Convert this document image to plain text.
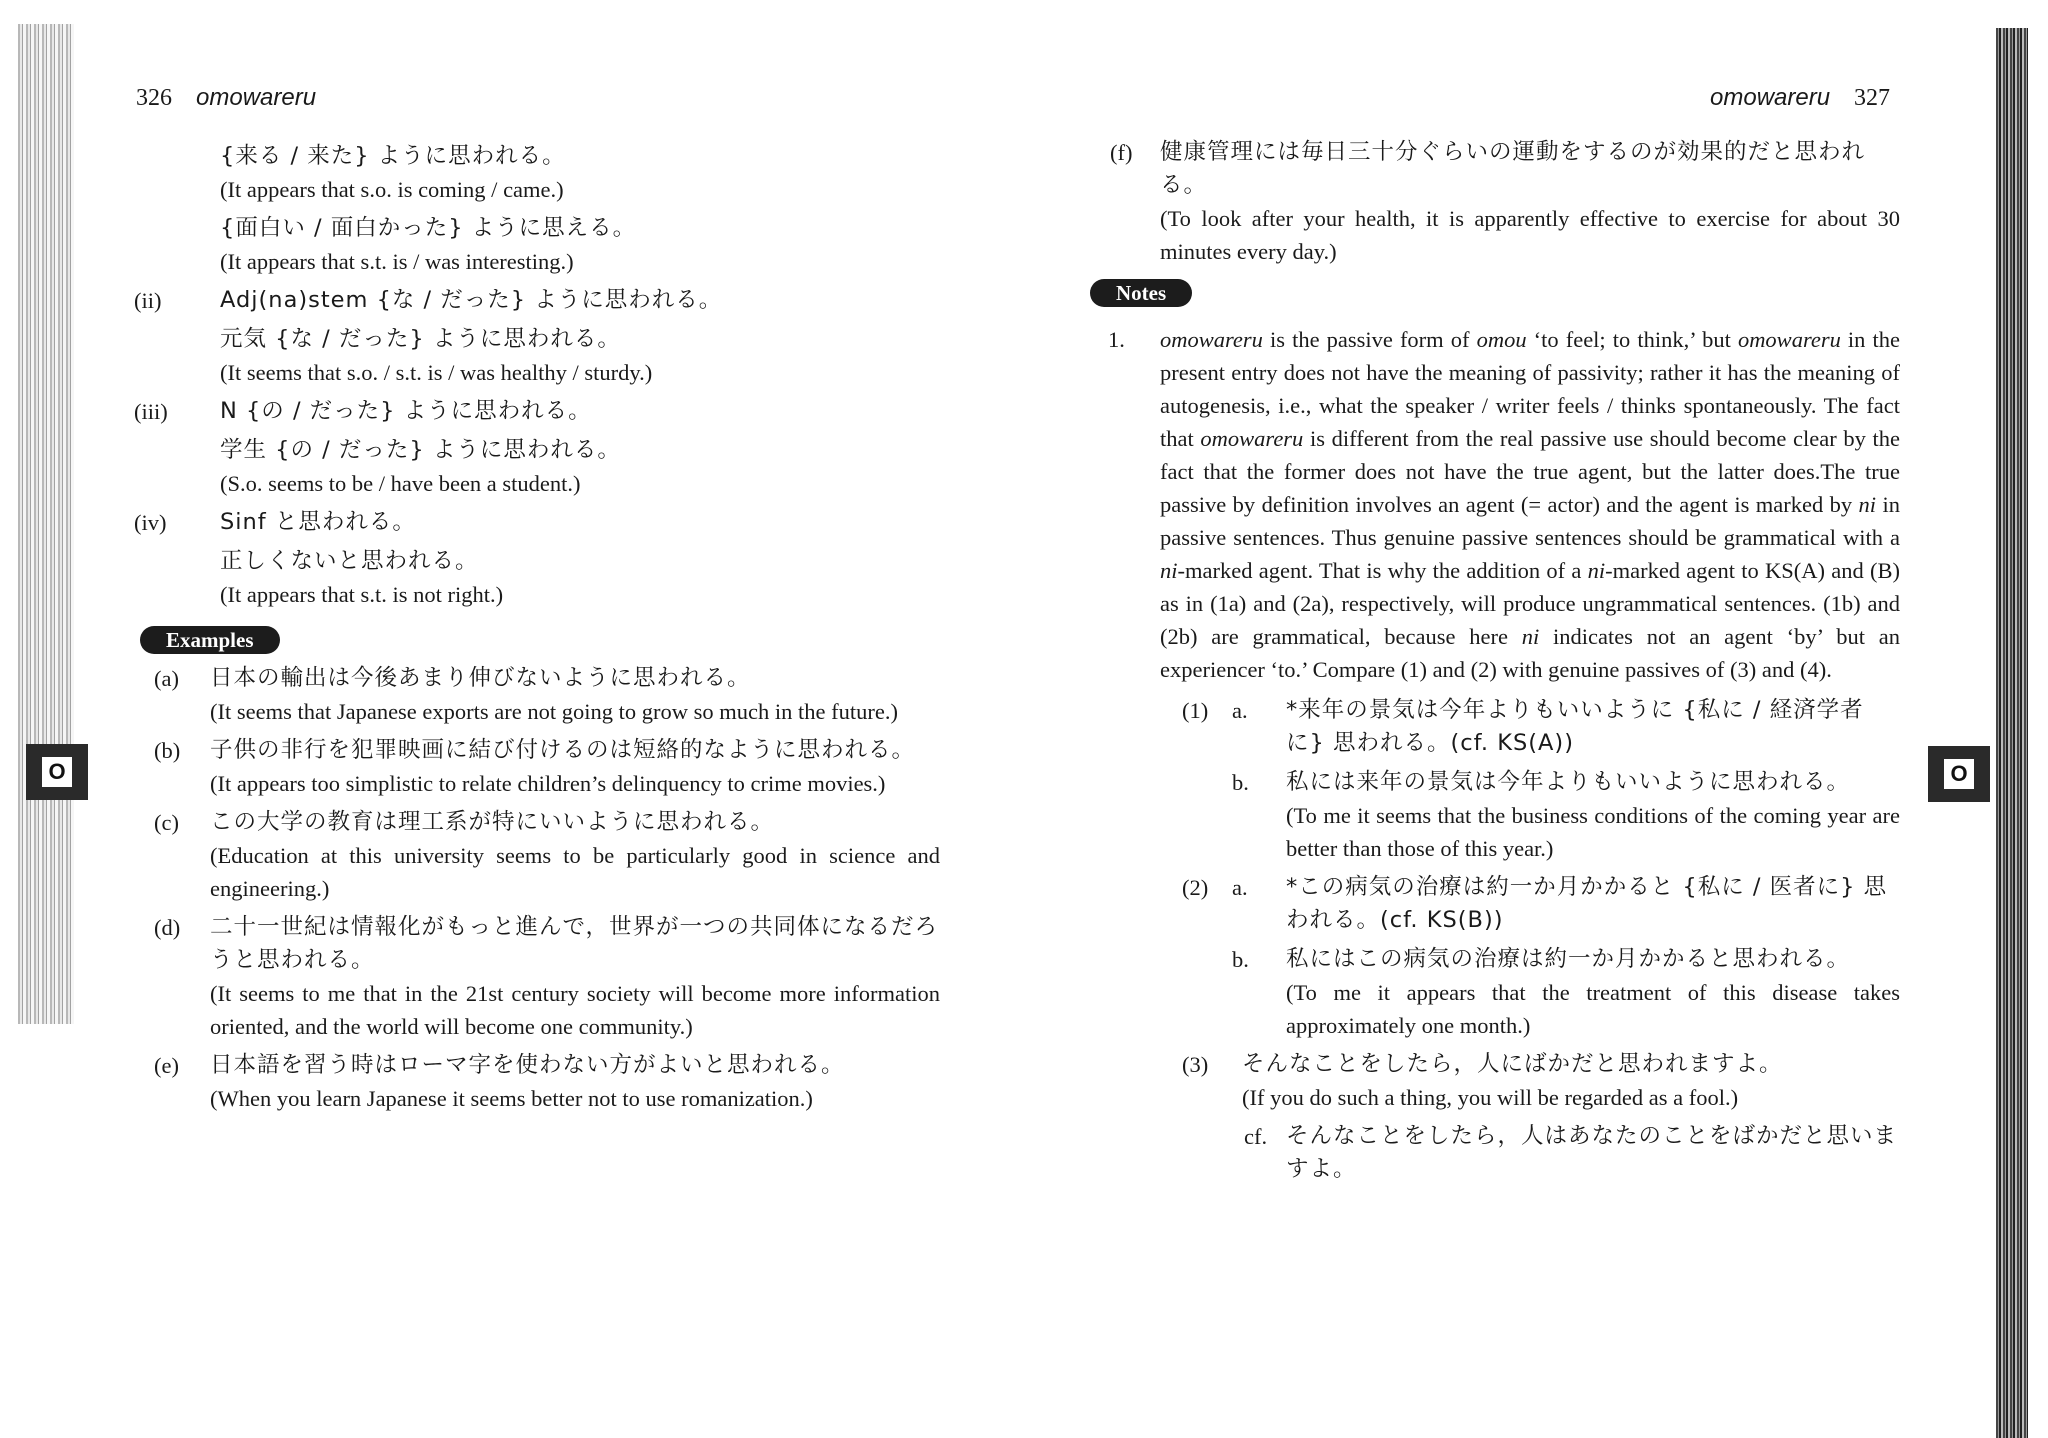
O	O
326 omowareru	omowareru 327
{来る / 来た} ように思われる。
(It appears that s.o. is coming / came.)
{面白い / 面白かった} ように思える。
(It appears that s.t. is / was interesting.)
(ii)	Adj(na)stem {な / だった} ように思われる。
元気 {な / だった} ように思われる。
(It seems that s.o. / s.t. is / was healthy / sturdy.)
(iii) N {の / だった} ように思われる。
学生 {の / だった} ように思われる。
(S.o. seems to be / have been a student.)
(iv) Sinf と思われる。
正しくないと思われる。
(It appears that s.t. is not right.)
Examples
(a) 日本の輸出は今後あまり伸びないように思われる。
(It seems that Japanese exports are not going to grow so much in the future.)
(b) 子供の非行を犯罪映画に結び付けるのは短絡的なように思われる。
(It appears too simplistic to relate children’s delinquency to crime movies.)
(c) この大学の教育は理工系が特にいいように思われる。
(Education at this university seems to be particularly good in science and engineering.)
(d) 二十一世紀は情報化がもっと進んで，世界が一つの共同体になるだろうと思われる。
(It seems to me that in the 21st century society will become more information oriented, and the world will become one community.)
(e) 日本語を習う時はローマ字を使わない方がよいと思われる。
(When you learn Japanese it seems better not to use romanization.)
(f) 健康管理には毎日三十分ぐらいの運動をするのが効果的だと思われる。
(To look after your health, it is apparently effective to exercise for about 30 minutes every day.)
Notes
1. omowareru is the passive form of omou ‘to feel; to think,’ but omowareru in the present entry does not have the meaning of passivity; rather it has the meaning of autogenesis, i.e., what the speaker / writer feels / thinks spontaneously. The fact that omowareru is different from the real passive use should become clear by the fact that the former does not have the true agent, but the latter does.The true passive by definition involves an agent (= actor) and the agent is marked by ni in passive sentences. Thus genuine passive sentences should be grammatical with a ni-marked agent. That is why the addition of a ni-marked agent to KS(A) and (B) as in (1a) and (2a), respectively, will produce ungrammatical sentences. (1b) and (2b) are grammatical, because here ni indicates not an agent ‘by’ but an experiencer ‘to.’ Compare (1) and (2) with genuine passives of (3) and (4).
(1) a. *来年の景気は今年よりもいいように {私に / 経済学者に} 思われる。(cf. KS(A))
b. 私には来年の景気は今年よりもいいように思われる。
(To me it seems that the business conditions of the coming year are better than those of this year.)
(2) a. *この病気の治療は約一か月かかると {私に / 医者に} 思われる。(cf. KS(B))
b. 私にはこの病気の治療は約一か月かかると思われる。
(To me it appears that the treatment of this disease takes approximately one month.)
(3) そんなことをしたら，人にばかだと思われますよ。
(If you do such a thing, you will be regarded as a fool.)
cf. そんなことをしたら，人はあなたのことをばかだと思いますよ。
